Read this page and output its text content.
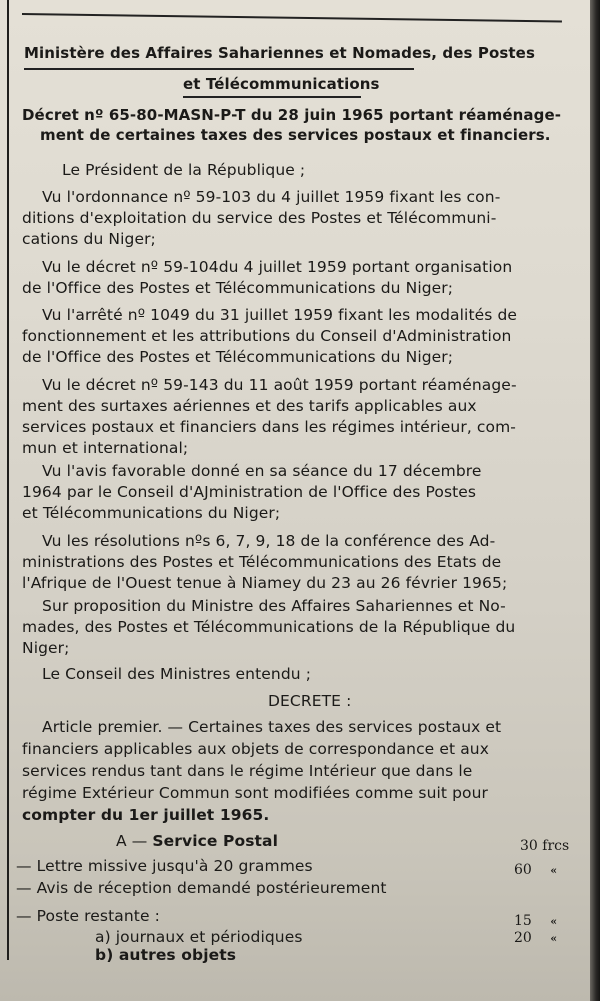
Ministère des Affaires Sahariennes et Nomades, des Postes
et Télécommunications
Décret nº 65-80-MASN-P-T du 28 juin 1965 portant réaménage-
ment de certaines taxes des services postaux et financiers.
Le Président de la République ;
Vu l'ordonnance nº 59-103 du 4 juillet 1959 fixant les con-
ditions d'exploitation du service des Postes et Télécommuni-
cations du Niger;
Vu le décret nº 59-104du 4 juillet 1959 portant organisation
de l'Office des Postes et Télécommunications du Niger;
Vu l'arrêté nº 1049 du 31 juillet 1959 fixant les modalités de
fonctionnement et les attributions du Conseil d'Administration
de l'Office des Postes et Télécommunications du Niger;
Vu le décret nº 59-143 du 11 août 1959 portant réaménage-
ment des surtaxes aériennes et des tarifs applicables aux
services postaux et financiers dans les régimes intérieur, com-
mun et international;
Vu l'avis favorable donné en sa séance du 17 décembre
1964 par le Conseil d'AJministration de l'Office des Postes
et Télécommunications du Niger;
Vu les résolutions nºs 6, 7, 9, 18 de la conférence des Ad-
ministrations des Postes et Télécommunications des Etats de
l'Afrique de l'Ouest tenue à Niamey du 23 au 26 février 1965;
Sur proposition du Ministre des Affaires Sahariennes et No-
mades, des Postes et Télécommunications de la République du
Niger;
Le Conseil des Ministres entendu ;
DECRETE :
Article premier. — Certaines taxes des services postaux et
financiers applicables aux objets de correspondance et aux
services rendus tant dans le régime Intérieur que dans le
régime Extérieur Commun sont modifiées comme suit pour
compter du 1er juillet 1965.
A — Service Postal
— Lettre missive jusqu'à 20 grammes
— Avis de réception demandé postérieurement
— Poste restante :
a) journaux et périodiques
b) autres objets
30 frcs
60 «
15 «
20 «
